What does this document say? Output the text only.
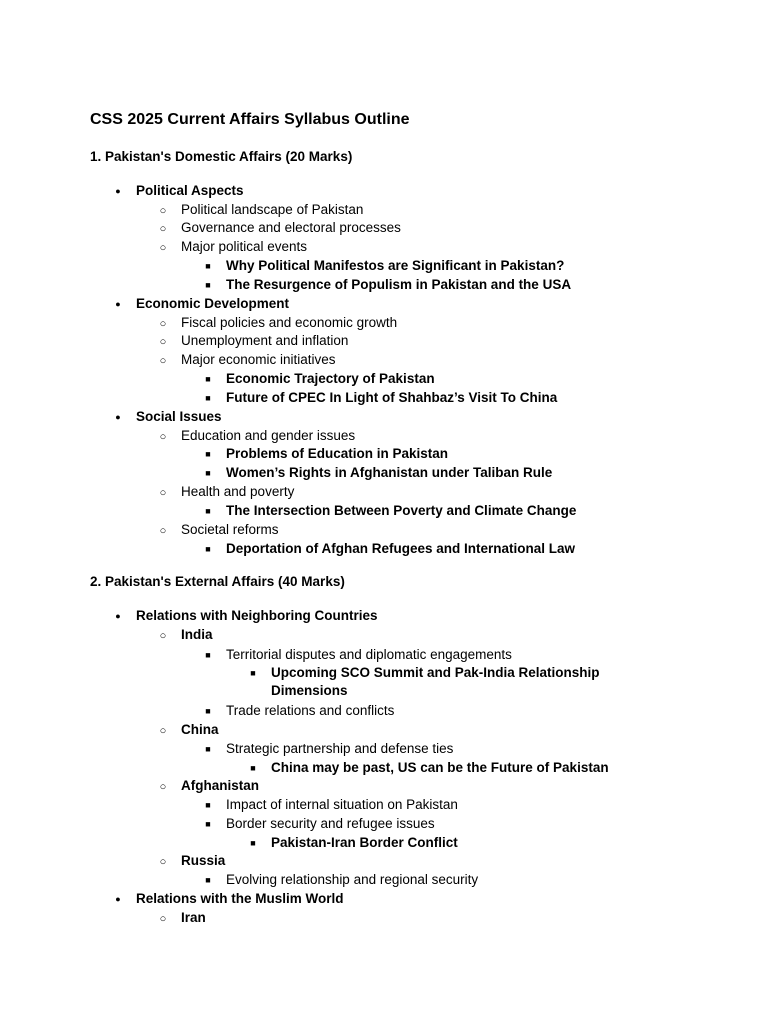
CSS 2025 Current Affairs Syllabus Outline
1. Pakistan's Domestic Affairs (20 Marks)
●
Political Aspects
○
Political landscape of Pakistan
○
Governance and electoral processes
○
Major political events
■
Why Political Manifestos are Significant in Pakistan?
■
The Resurgence of Populism in Pakistan and the USA
●
Economic Development
○
Fiscal policies and economic growth
○
Unemployment and inflation
○
Major economic initiatives
■
Economic Trajectory of Pakistan
■
Future of CPEC In Light of Shahbaz’s Visit To China
●
Social Issues
○
Education and gender issues
■
Problems of Education in Pakistan
■
Women’s Rights in Afghanistan under Taliban Rule
○
Health and poverty
■
The Intersection Between Poverty and Climate Change
○
Societal reforms
■
Deportation of Afghan Refugees and International Law
2. Pakistan's External Affairs (40 Marks)
●
Relations with Neighboring Countries
○
India
■
Territorial disputes and diplomatic engagements
■
Upcoming SCO Summit and Pak-India Relationship
Dimensions
■
Trade relations and conflicts
○
China
■
Strategic partnership and defense ties
■
China may be past, US can be the Future of Pakistan
○
Afghanistan
■
Impact of internal situation on Pakistan
■
Border security and refugee issues
■
Pakistan-Iran Border Conflict
○
Russia
■
Evolving relationship and regional security
●
Relations with the Muslim World
○
Iran
